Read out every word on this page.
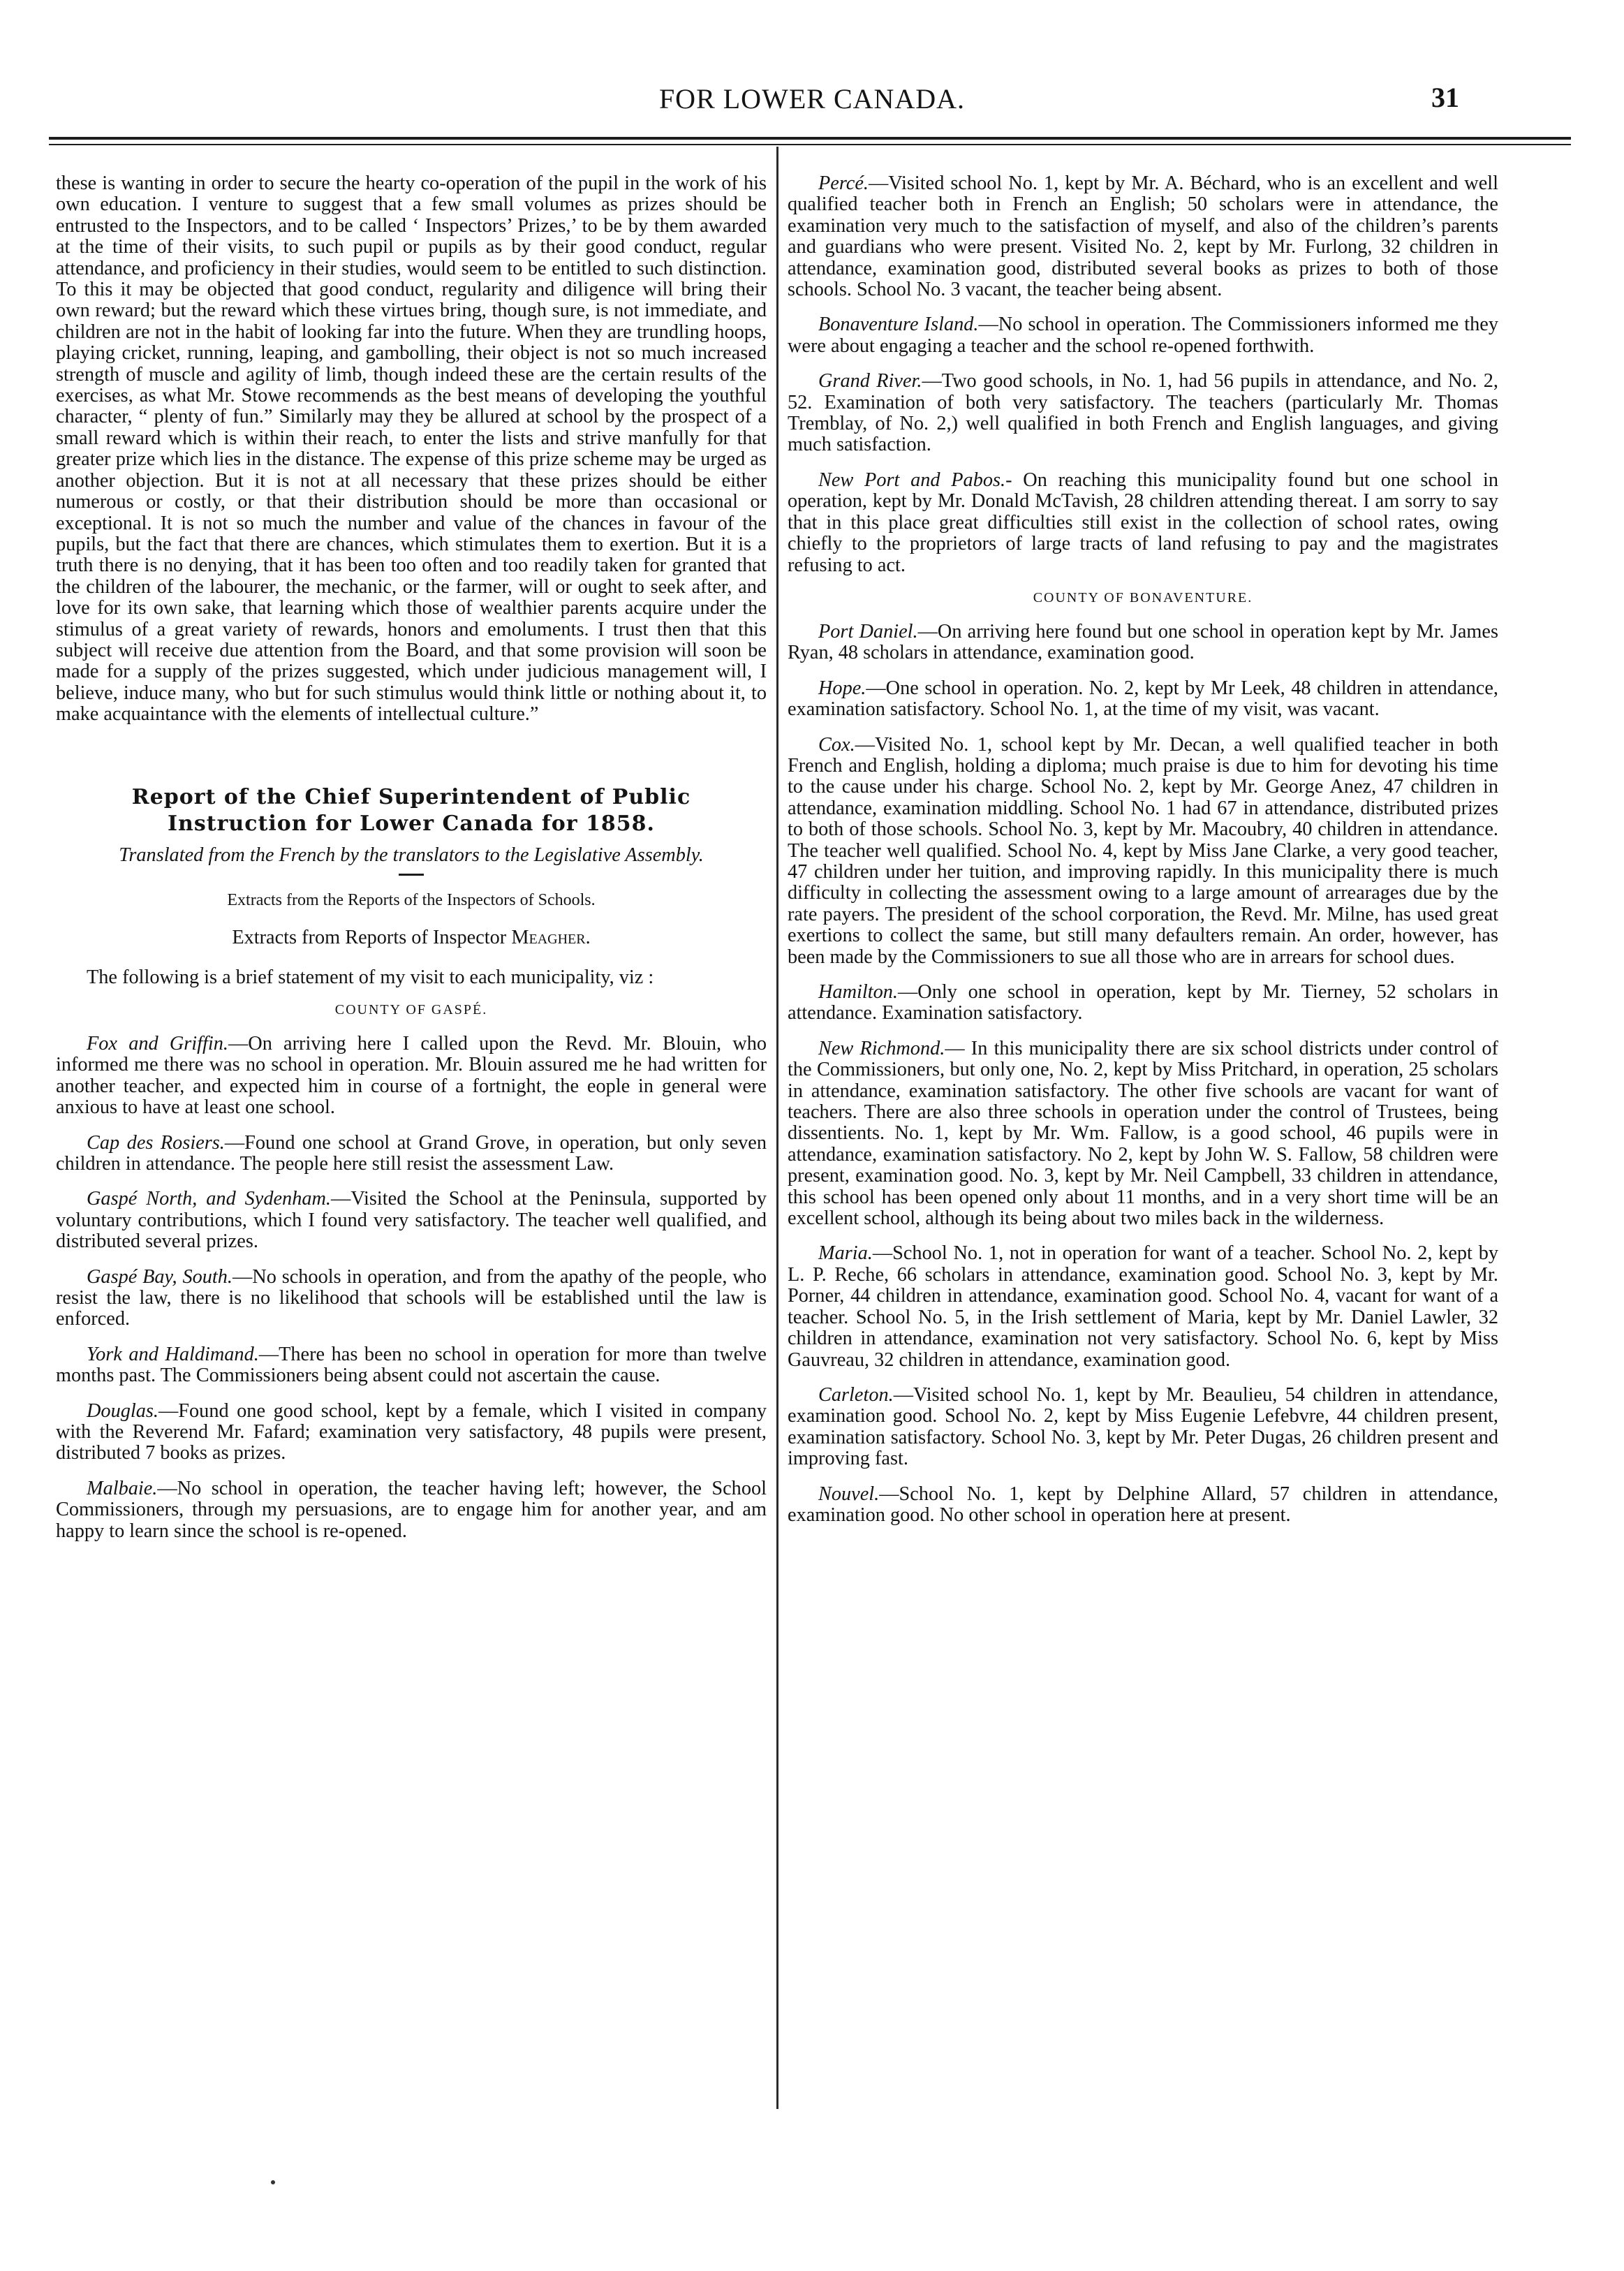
FOR LOWER CANADA.	31

these is wanting in order to secure the hearty co-operation of the pupil in the work of his own education. I venture to suggest that a few small volumes as prizes should be entrusted to the Inspectors, and to be called ‘ Inspectors’ Prizes,’ to be by them awarded at the time of their visits, to such pupil or pupils as by their good conduct, regular attendance, and proficiency in their studies, would seem to be entitled to such distinction. To this it may be objected that good conduct, regularity and diligence will bring their own reward; but the reward which these virtues bring, though sure, is not immediate, and children are not in the habit of looking far into the future. When they are trundling hoops, playing cricket, running, leaping, and gambolling, their object is not so much increased strength of muscle and agility of limb, though indeed these are the certain results of the exercises, as what Mr. Stowe recommends as the best means of developing the youthful character, “ plenty of fun.” Similarly may they be allured at school by the prospect of a small reward which is within their reach, to enter the lists and strive manfully for that greater prize which lies in the distance. The expense of this prize scheme may be urged as another objection. But it is not at all necessary that these prizes should be either numerous or costly, or that their distribution should be more than occasional or exceptional. It is not so much the number and value of the chances in favour of the pupils, but the fact that there are chances, which stimulates them to exertion. But it is a truth there is no denying, that it has been too often and too readily taken for granted that the children of the labourer, the mechanic, or the farmer, will or ought to seek after, and love for its own sake, that learning which those of wealthier parents acquire under the stimulus of a great variety of rewards, honors and emoluments. I trust then that this subject will receive due attention from the Board, and that some provision will soon be made for a supply of the prizes suggested, which under judicious management will, I believe, induce many, who but for such stimulus would think little or nothing about it, to make acquaintance with the elements of intellectual culture.”

Report of the Chief Superintendent of Public
Instruction for Lower Canada for 1858.
Translated from the French by the translators to the Legislative Assembly.
Extracts from the Reports of the Inspectors of Schools.
Extracts from Reports of Inspector Meagher.

The following is a brief statement of my visit to each municipality, viz :

COUNTY OF GASPÉ.

Fox and Griffin.—On arriving here I called upon the Revd. Mr. Blouin, who informed me there was no school in operation. Mr. Blouin assured me he had written for another teacher, and expected him in course of a fortnight, the eople in general were anxious to have at least one school.

Cap des Rosiers.—Found one school at Grand Grove, in operation, but only seven children in attendance. The people here still resist the assessment Law.

Gaspé North, and Sydenham.—Visited the School at the Peninsula, supported by voluntary contributions, which I found very satisfactory. The teacher well qualified, and distributed several prizes.

Gaspé Bay, South.—No schools in operation, and from the apathy of the people, who resist the law, there is no likelihood that schools will be established until the law is enforced.

York and Haldimand.—There has been no school in operation for more than twelve months past. The Commissioners being absent could not ascertain the cause.

Douglas.—Found one good school, kept by a female, which I visited in company with the Reverend Mr. Fafard; examination very satisfactory, 48 pupils were present, distributed 7 books as prizes.

Malbaie.—No school in operation, the teacher having left; however, the School Commissioners, through my persuasions, are to engage him for another year, and am happy to learn since the school is re-opened.

Percé.—Visited school No. 1, kept by Mr. A. Béchard, who is an excellent and well qualified teacher both in French an English; 50 scholars were in attendance, the examination very much to the satisfaction of myself, and also of the children’s parents and guardians who were present. Visited No. 2, kept by Mr. Furlong, 32 children in attendance, examination good, distributed several books as prizes to both of those schools. School No. 3 vacant, the teacher being absent.

Bonaventure Island.—No school in operation. The Commissioners informed me they were about engaging a teacher and the school re-opened forthwith.

Grand River.—Two good schools, in No. 1, had 56 pupils in attendance, and No. 2, 52. Examination of both very satisfactory. The teachers (particularly Mr. Thomas Tremblay, of No. 2,) well qualified in both French and English languages, and giving much satisfaction.

New Port and Pabos.- On reaching this municipality found but one school in operation, kept by Mr. Donald McTavish, 28 children attending thereat. I am sorry to say that in this place great difficulties still exist in the collection of school rates, owing chiefly to the proprietors of large tracts of land refusing to pay and the magistrates refusing to act.

COUNTY OF BONAVENTURE.

Port Daniel.—On arriving here found but one school in operation kept by Mr. James Ryan, 48 scholars in attendance, examination good.

Hope.—One school in operation. No. 2, kept by Mr Leek, 48 children in attendance, examination satisfactory. School No. 1, at the time of my visit, was vacant.

Cox.—Visited No. 1, school kept by Mr. Decan, a well qualified teacher in both French and English, holding a diploma; much praise is due to him for devoting his time to the cause under his charge. School No. 2, kept by Mr. George Anez, 47 children in attendance, examination middling. School No. 1 had 67 in attendance, distributed prizes to both of those schools. School No. 3, kept by Mr. Macoubry, 40 children in attendance. The teacher well qualified. School No. 4, kept by Miss Jane Clarke, a very good teacher, 47 children under her tuition, and improving rapidly. In this municipality there is much difficulty in collecting the assessment owing to a large amount of arrearages due by the rate payers. The president of the school corporation, the Revd. Mr. Milne, has used great exertions to collect the same, but still many defaulters remain. An order, however, has been made by the Commissioners to sue all those who are in arrears for school dues.

Hamilton.—Only one school in operation, kept by Mr. Tierney, 52 scholars in attendance. Examination satisfactory.

New Richmond.— In this municipality there are six school districts under control of the Commissioners, but only one, No. 2, kept by Miss Pritchard, in operation, 25 scholars in attendance, examination satisfactory. The other five schools are vacant for want of teachers. There are also three schools in operation under the control of Trustees, being dissentients. No. 1, kept by Mr. Wm. Fallow, is a good school, 46 pupils were in attendance, examination satisfactory. No 2, kept by John W. S. Fallow, 58 children were present, examination good. No. 3, kept by Mr. Neil Campbell, 33 children in attendance, this school has been opened only about 11 months, and in a very short time will be an excellent school, although its being about two miles back in the wilderness.

Maria.—School No. 1, not in operation for want of a teacher. School No. 2, kept by L. P. Reche, 66 scholars in attendance, examination good. School No. 3, kept by Mr. Porner, 44 children in attendance, examination good. School No. 4, vacant for want of a teacher. School No. 5, in the Irish settlement of Maria, kept by Mr. Daniel Lawler, 32 children in attendance, examination not very satisfactory. School No. 6, kept by Miss Gauvreau, 32 children in attendance, examination good.

Carleton.—Visited school No. 1, kept by Mr. Beaulieu, 54 children in attendance, examination good. School No. 2, kept by Miss Eugenie Lefebvre, 44 children present, examination satisfactory. School No. 3, kept by Mr. Peter Dugas, 26 children present and improving fast.

Nouvel.—School No. 1, kept by Delphine Allard, 57 children in attendance, examination good. No other school in operation here at present.
